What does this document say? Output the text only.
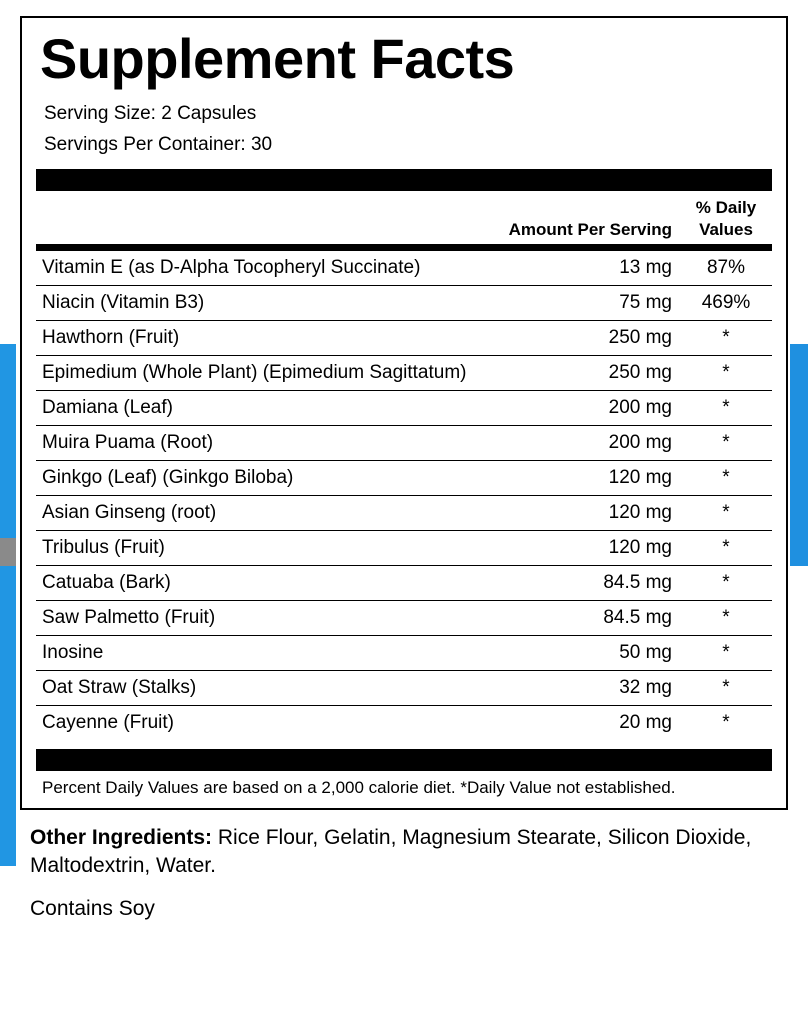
Supplement Facts
Serving Size: 2 Capsules
Servings Per Container: 30
Amount Per Serving
% Daily
Values
Vitamin E (as D-Alpha Tocopheryl Succinate)	13 mg	87%
Niacin (Vitamin B3)	75 mg	469%
Hawthorn (Fruit)	250 mg	*
Epimedium (Whole Plant) (Epimedium Sagittatum)	250 mg	*
Damiana (Leaf)	200 mg	*
Muira Puama (Root)	200 mg	*
Ginkgo (Leaf) (Ginkgo Biloba)	120 mg	*
Asian Ginseng (root)	120 mg	*
Tribulus (Fruit)	120 mg	*
Catuaba (Bark)	84.5 mg	*
Saw Palmetto (Fruit)	84.5 mg	*
Inosine	50 mg	*
Oat Straw (Stalks)	32 mg	*
Cayenne (Fruit)	20 mg	*
Percent Daily Values are based on a 2,000 calorie diet. *Daily Value not established.
Other Ingredients: Rice Flour, Gelatin, Magnesium Stearate, Silicon Dioxide, Maltodextrin, Water.
Contains Soy
